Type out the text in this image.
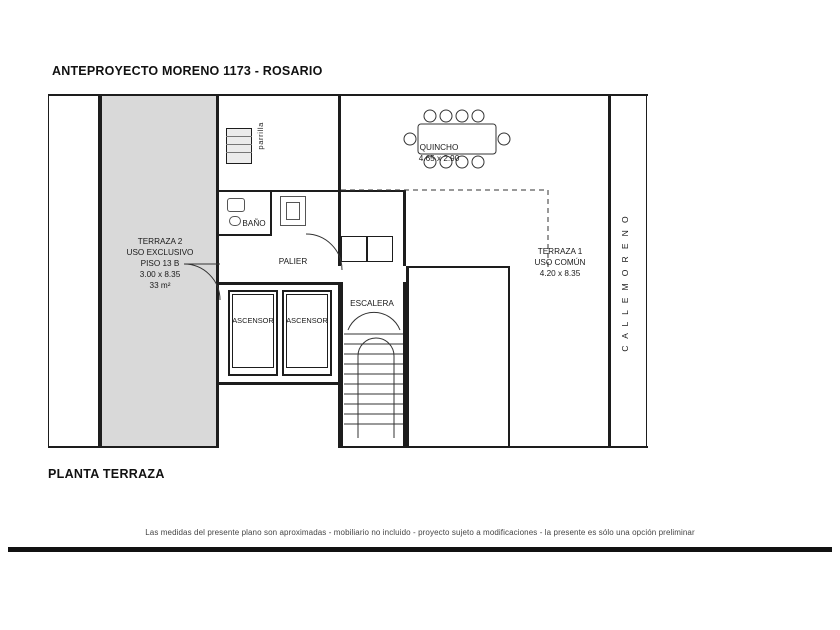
ANTEPROYECTO MORENO 1173 - ROSARIO
parrilla
ASCENSOR	ASCENSOR
TERRAZA 2
USO EXCLUSIVO
PISO 13 B
3.00 x 8.35
33 m²
TERRAZA 1
USO COMÚN
4.20 x 8.35
QUINCHO
4.65 x 2.90
BAÑO
PALIER
ESCALERA	C A L L E M O R E N O
PLANTA TERRAZA
Las medidas del presente plano son aproximadas - mobiliario no incluido - proyecto sujeto a modificaciones - la presente es sólo una opción preliminar
